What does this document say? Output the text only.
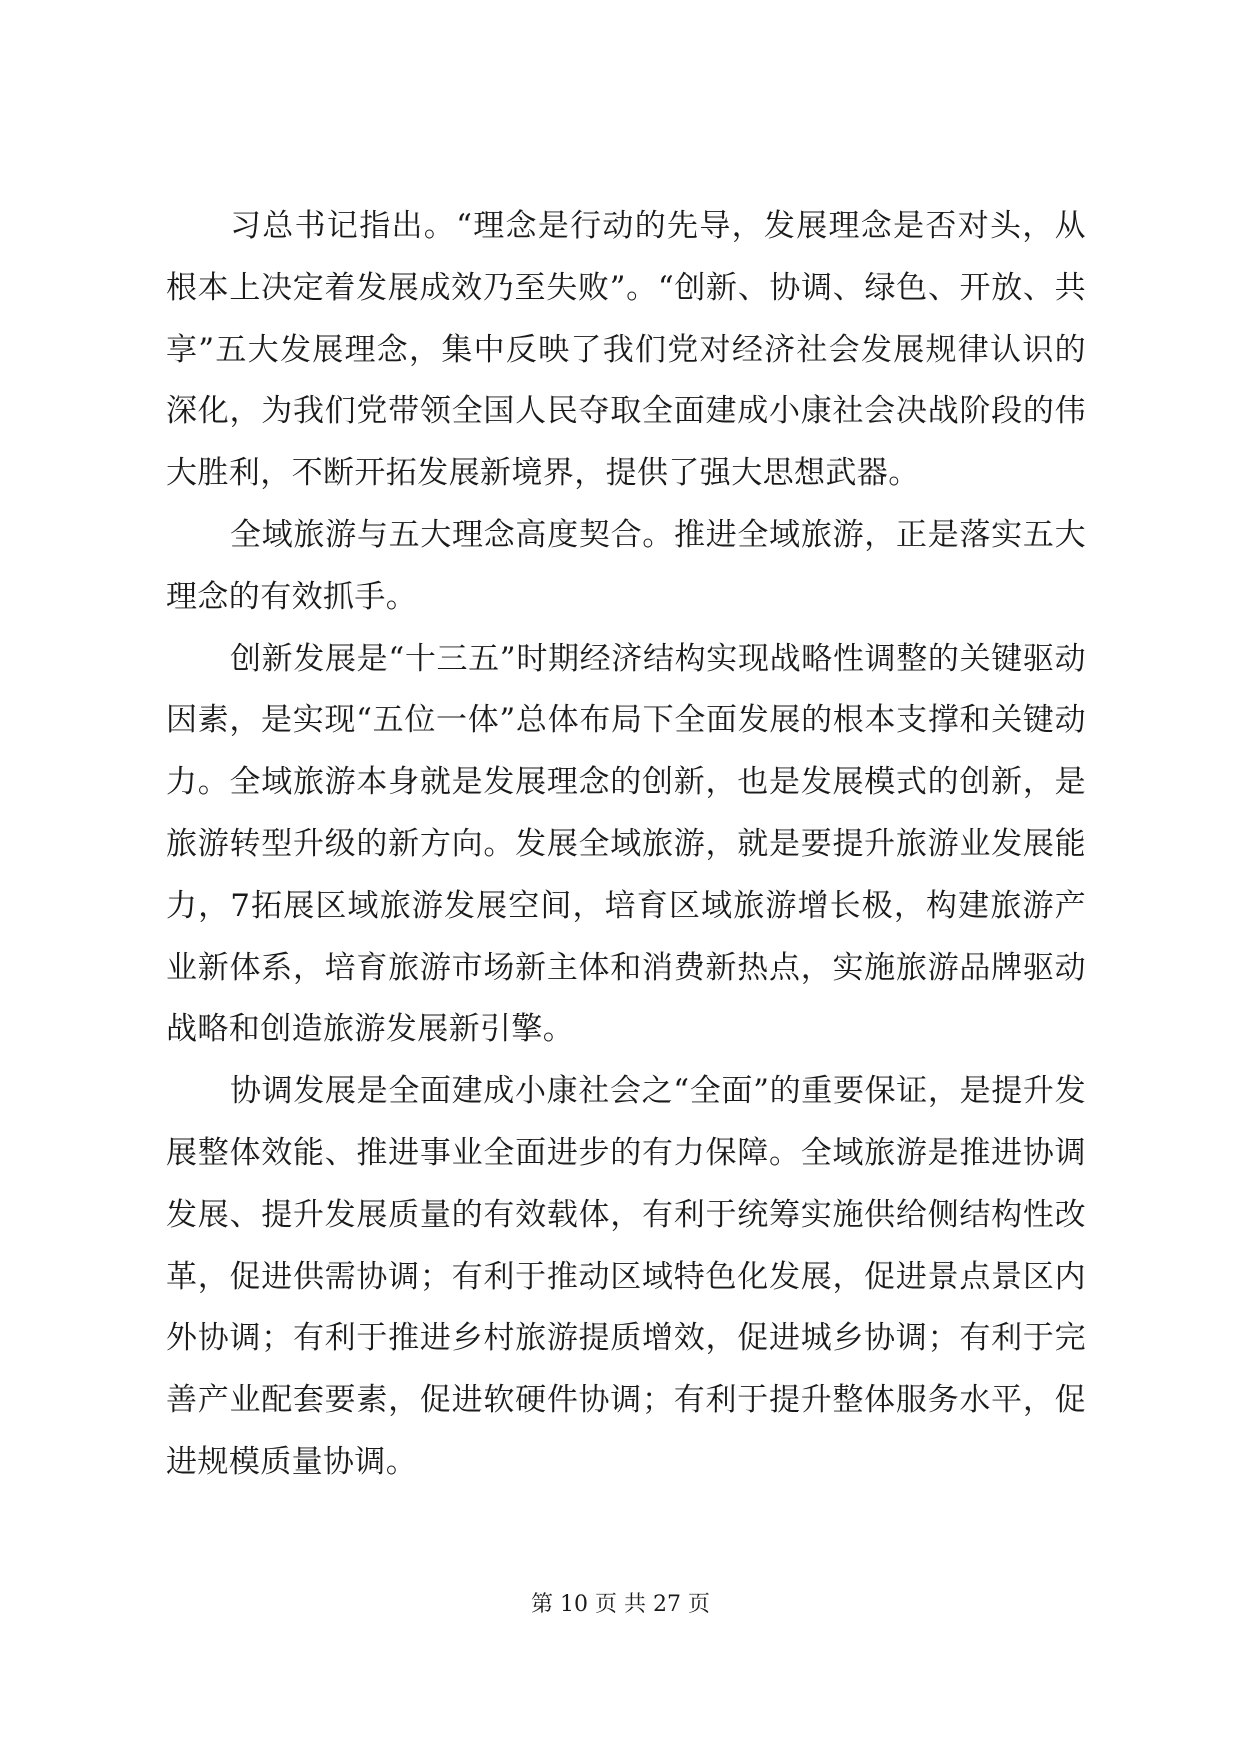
习总书记指出。“理念是行动的先导，发展理念是否对头，从根本上决定着发展成效乃至失败”。“创新、协调、绿色、开放、共享”五大发展理念，集中反映了我们党对经济社会发展规律认识的深化，为我们党带领全国人民夺取全面建成小康社会决战阶段的伟大胜利，不断开拓发展新境界，提供了强大思想武器。

全域旅游与五大理念高度契合。推进全域旅游，正是落实五大理念的有效抓手。

创新发展是“十三五”时期经济结构实现战略性调整的关键驱动因素，是实现“五位一体”总体布局下全面发展的根本支撑和关键动力。全域旅游本身就是发展理念的创新，也是发展模式的创新，是旅游转型升级的新方向。发展全域旅游，就是要提升旅游业发展能力，7拓展区域旅游发展空间，培育区域旅游增长极，构建旅游产业新体系，培育旅游市场新主体和消费新热点，实施旅游品牌驱动战略和创造旅游发展新引擎。

协调发展是全面建成小康社会之“全面”的重要保证，是提升发展整体效能、推进事业全面进步的有力保障。全域旅游是推进协调发展、提升发展质量的有效载体，有利于统筹实施供给侧结构性改革，促进供需协调；有利于推动区域特色化发展，促进景点景区内外协调；有利于推进乡村旅游提质增效，促进城乡协调；有利于完善产业配套要素，促进软硬件协调；有利于提升整体服务水平，促进规模质量协调。

第 10 页 共 27 页
